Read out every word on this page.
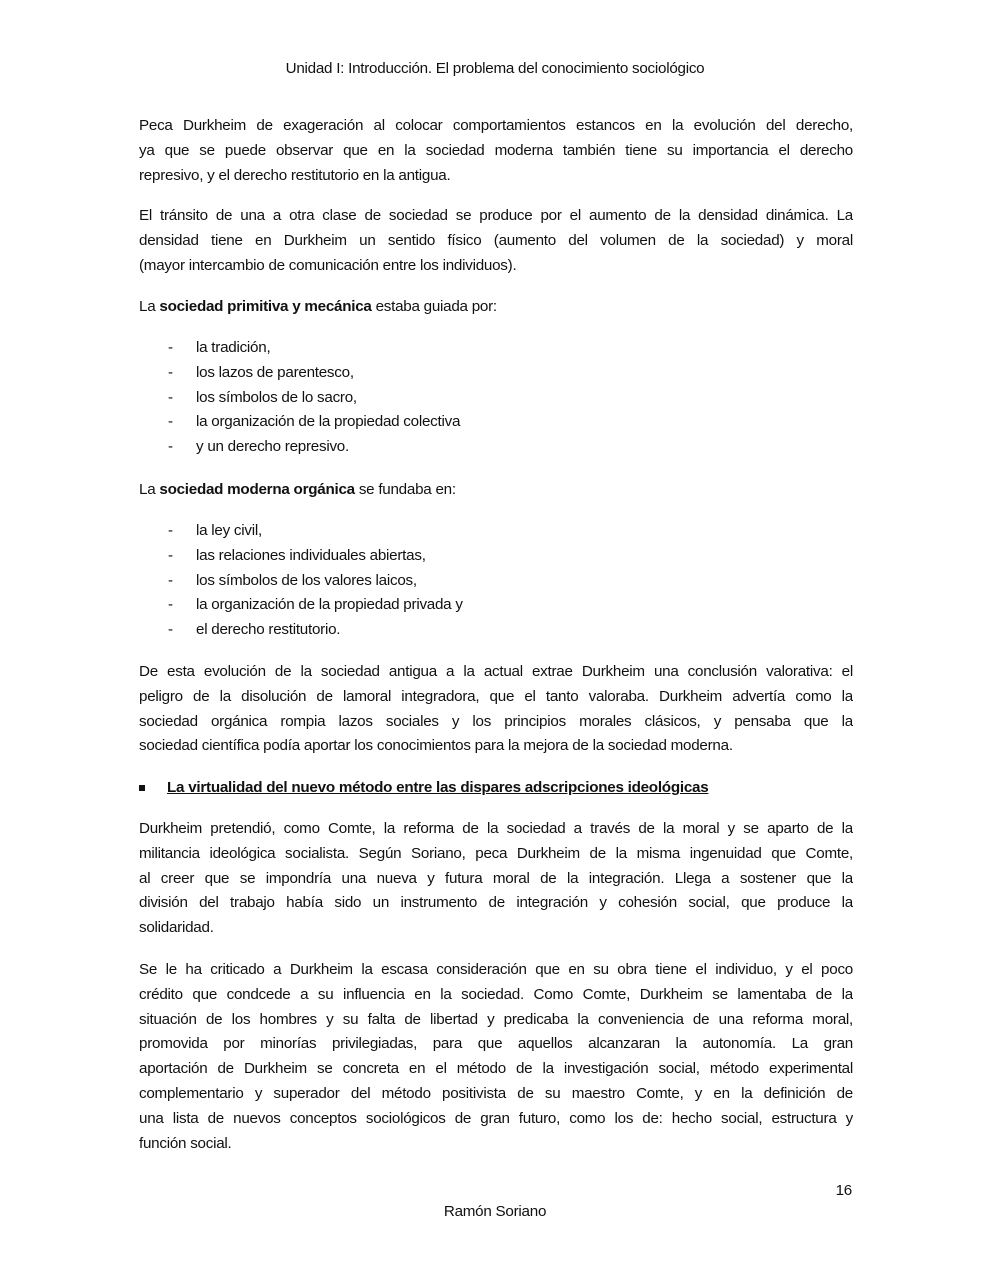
Unidad I: Introducción. El problema del conocimiento sociológico
Peca Durkheim de exageración al colocar comportamientos estancos en la evolución del derecho,
ya que se puede observar que en la sociedad moderna también tiene su importancia el derecho
represivo, y el derecho restitutorio en la antigua.
El tránsito de una a otra clase de sociedad se produce por el aumento de la densidad dinámica. La
densidad tiene en Durkheim un sentido físico (aumento del volumen de la sociedad) y moral
(mayor intercambio de comunicación entre los individuos).
La sociedad primitiva y mecánica estaba guiada por:
- la tradición,
- los lazos de parentesco,
- los símbolos de lo sacro,
- la organización de la propiedad colectiva
- y un derecho represivo.
La sociedad moderna orgánica se fundaba en:
- la ley civil,
- las relaciones individuales abiertas,
- los símbolos de los valores laicos,
- la organización de la propiedad privada y
- el derecho restitutorio.
De esta evolución de la sociedad antigua a la actual extrae Durkheim una conclusión valorativa: el
peligro de la disolución de lamoral integradora, que el tanto valoraba. Durkheim advertía como la
sociedad orgánica rompia lazos sociales y los principios morales clásicos, y pensaba que la
sociedad científica podía aportar los conocimientos para la mejora de la sociedad moderna.
La virtualidad del nuevo método entre las dispares adscripciones ideológicas
Durkheim pretendió, como Comte, la reforma de la sociedad a través de la moral y se aparto de la
militancia ideológica socialista. Según Soriano, peca Durkheim de la misma ingenuidad que Comte,
al creer que se impondría una nueva y futura moral de la integración. Llega a sostener que la
división del trabajo había sido un instrumento de integración y cohesión social, que produce la
solidaridad.
Se le ha criticado a Durkheim la escasa consideración que en su obra tiene el individuo, y el poco
crédito que condcede a su influencia en la sociedad. Como Comte, Durkheim se lamentaba de la
situación de los hombres y su falta de libertad y predicaba la conveniencia de una reforma moral,
promovida por minorías privilegiadas, para que aquellos alcanzaran la autonomía. La gran
aportación de Durkheim se concreta en el método de la investigación social, método experimental
complementario y superador del método positivista de su maestro Comte, y en la definición de
una lista de nuevos conceptos sociológicos de gran futuro, como los de: hecho social, estructura y
función social.
16
Ramón Soriano
